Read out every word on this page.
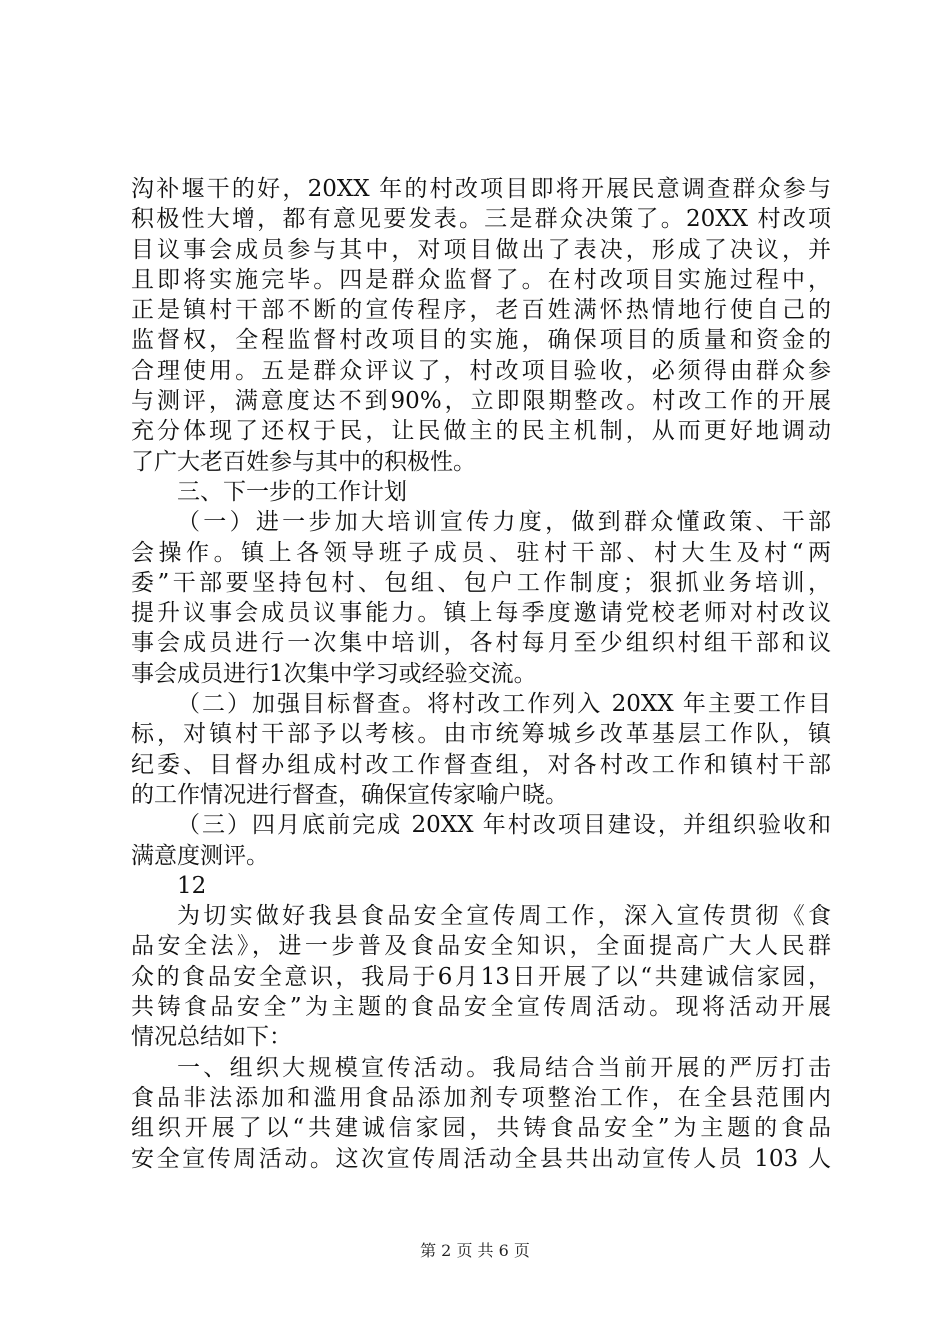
沟补堰干的好，20XX 年的村改项目即将开展民意调查群众参与
积极性大增，都有意见要发表。三是群众决策了。20XX 村改项
目议事会成员参与其中，对项目做出了表决，形成了决议，并
且即将实施完毕。四是群众监督了。在村改项目实施过程中，
正是镇村干部不断的宣传程序，老百姓满怀热情地行使自己的
监督权，全程监督村改项目的实施，确保项目的质量和资金的
合理使用。五是群众评议了，村改项目验收，必须得由群众参
与测评，满意度达不到90%，立即限期整改。村改工作的开展
充分体现了还权于民，让民做主的民主机制，从而更好地调动
了广大老百姓参与其中的积极性。
三、下一步的工作计划
（一）进一步加大培训宣传力度，做到群众懂政策、干部
会操作。镇上各领导班子成员、驻村干部、村大生及村“两
委”干部要坚持包村、包组、包户工作制度；狠抓业务培训，
提升议事会成员议事能力。镇上每季度邀请党校老师对村改议
事会成员进行一次集中培训，各村每月至少组织村组干部和议
事会成员进行1次集中学习或经验交流。
（二）加强目标督查。将村改工作列入 20XX 年主要工作目
标，对镇村干部予以考核。由市统筹城乡改革基层工作队，镇
纪委、目督办组成村改工作督查组，对各村改工作和镇村干部
的工作情况进行督查，确保宣传家喻户晓。
（三）四月底前完成 20XX 年村改项目建设，并组织验收和
满意度测评。
12
为切实做好我县食品安全宣传周工作，深入宣传贯彻《食
品安全法》，进一步普及食品安全知识，全面提高广大人民群
众的食品安全意识，我局于6月13日开展了以“共建诚信家园，
共铸食品安全”为主题的食品安全宣传周活动。现将活动开展
情况总结如下：
一、组织大规模宣传活动。我局结合当前开展的严厉打击
食品非法添加和滥用食品添加剂专项整治工作，在全县范围内
组织开展了以“共建诚信家园，共铸食品安全”为主题的食品
安全宣传周活动。这次宣传周活动全县共出动宣传人员 103 人
第 2 页 共 6 页
